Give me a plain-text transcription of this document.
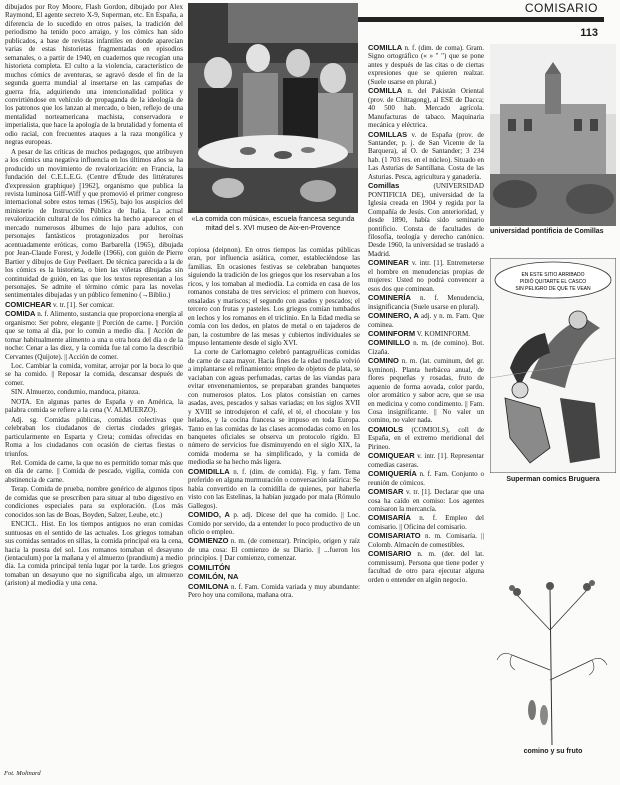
COMISARIO
113

dibujados por Roy Moore, Flash Gordon, dibujado por Alex Raymond, El agente secreto X-9, Superman, etc. En España, a diferencia de lo sucedido en otros países, la tradición del periodismo ha tenido poco arraigo, y los cómics han sido publicados, a base de revistas infantiles en donde aparecían varias de estas historietas fragmentadas en episodios semanales, o a partir de 1940, en cuadernos que recogían una historieta completa. El culto a la violencia, característico de muchos cómics de aventuras, se agravó desde el fin de la segunda guerra mundial al insertarse en las campañas de guerra fría, adquiriendo una intencionalidad política y convirtiéndose en vehículo de propaganda de la ideología de los patronos que los lanzan al mercado, o bien, reflejo de una mentalidad norteamericana machista, conservadora e imperialista, que hace la apología de la brutalidad y fomenta el odio racial, con frecuentes ataques a la raza mongólica y negras europeas.

A pesar de las críticas de muchos pedagogos, que atribuyen a los cómics una negativa influencia en los últimos años se ha producido un movimiento de revalorización: en Francia, la fundación del C.E.L.E.G. (Centre d'Étude des littératures d'expression graphique) [1962], organismo que publica la revista luminosa Giff-Wiff y que promovió el primer congreso internacional sobre estos temas (1965), bajo los auspicios del ministerio de Instrucción Pública de Italia. La actual revalorización cultural de los cómics ha hecho aparecer en el mercado numerosos álbumes de lujo para adultos, con personajes fantásticos protagonizados por heroínas acentuadamente eróticas, como Barbarella (1965), dibujada por Jean-Claude Forest, y Jodelle (1966), con guión de Pierre Bartier y dibujos de Guy Peellaert. De técnica parecida a la de los cómics es la historieta, o bien las viñetas dibujadas sin continuidad de guión, en las que los textos representan a los personajes. Se admite el término cómic para las novelas sentimentales dibujadas y un público femenino (→Biblio.)

COMICHEAR v. tr. [1]. Ser comicar.

COMIDA n. f. Alimento, sustancia que proporciona energía al organismo: Ser pobre, elegante || Porción de carne. || Porción que se toma al día, por lo común a medio día. || Acción de tomar habitualmente alimento a una u otra hora del día o de la noche: Cenar a las diez, y la comida fue tal como la describió Cervantes (Quijote). || Acción de comer.

Loc. Cambiar la comida, vomitar, arrojar por la boca lo que se ha comido. || Reposar la comida, descansar después de comer.

SIN. Almuerzo, condumio, manduca, pitanza.

NOTA. En algunas partes de España y en América, la palabra comida se refiere a la cena (V. ALMUERZO).

Adj. sg. Comidas públicas, comidas colectivas que celebraban los ciudadanos de ciertas ciudades griegas, particularmente en Esparta y Creta; comidas ofrecidas en Roma a los ciudadanos con ocasión de ciertas fiestas o triunfos.

Rel. Comida de carne, la que no es permitido tomar más que en día de carne. || Comida de pescado, vigilia, comida con abstinencia de carne.

Terap. Comida de prueba, nombre genérico de algunos tipos de comidas que se prescriben para situar al tubo digestivo en condiciones especiales para su exploración. (Los más conocidos son las de Boas, Boyden, Salzer, Leube, etc.)

ENCICL. Hist. En los tiempos antiguos no eran comidas suntuosas en el sentido de las actuales. Los griegos tomaban sus comidas sentados en sillas, la comida principal era la cena, hacia la puesta del sol. Los romanos tomaban el desayuno (ientaculum) por la mañana y el almuerzo (prandium) a medio día. La comida principal tenía lugar por la tarde. Los griegos tomaban un desayuno que no significaba algo, un almuerzo (ariston) al mediodía y una cena.

«La comida con música», escuela francesa segunda mitad del s. XVI museo de Aix-en-Provence

copiosa (deipnon). En otros tiempos las comidas públicas eran, por influencia asiática, comer, estableciéndose las familias. En ocasiones festivas se celebraban banquetes siguiendo la tradición de los griegos que los reservaban a los ricos, y los tomaban al mediodía. La comida en casa de los romanos constaba de tres servicios: el primero con huevos, ensaladas y mariscos; el segundo con asados y pescados; el tercero con frutas y pasteles. Los griegos comían tumbados en lechos y los romanos en el triclinio. En la Edad media se comía con los dedos, en platos de metal o en tajaderos de pan, la costumbre de las mesas y cubiertos individuales se impuso lentamente desde el siglo XVI.

La corte de Carlomagno celebró pantagruélicas comidas de carne de caza mayor. Hacia fines de la edad media volvió a implantarse el refinamiento: empleo de objetos de plata, se vaciaban con aguas perfumadas, cartas de las viandas para evitar envenenamientos, se preparaban grandes banquetes con numerosos platos. Los platos consistían en carnes asadas, aves, pescados y salsas variadas; en los siglos XVII y XVIII se introdujeron el café, el té, el chocolate y los helados, y la cocina francesa se impuso en toda Europa. Tanto en las comidas de las clases acomodadas como en los banquetes oficiales se observa un protocolo rígido. El número de servicios fue disminuyendo en el siglo XIX, la comida moderna se ha simplificado, y la comida de mediodía se ha hecho más ligera.

COMIDILLA n. f. (dim. de comida). Fig. y fam. Tema preferido en alguna murmuración o conversación satírica: Se había convertido en la comidilla de quienes, por haberla visto con las Estelinas, la habían juzgado por mala (Rómulo Gallegos).

COMIDO, A p. adj. Dícese del que ha comido. || Loc. Comido por servido, da a entender lo poco productivo de un oficio o empleo.

COMIENZO n. m. (de comenzar). Principio, origen y raíz de una cosa: El comienzo de su Diario. || ...fueron los principios. || Dar comienzo, comenzar.

COMILITÓN

COMILÓN, NA

COMILONA n. f. Fam. Comida variada y muy abundante: Pero hoy una comilona, mañana otra.

COMILLA n. f. (dim. de coma). Gram. Signo ortográfico (« » " ") que se pone antes y después de las citas o de ciertas expresiones que se quieren realzar. (Suele usarse en plural.)

COMILLA n. del Pakistán Oriental (prov. de Chittagong), al ESE de Dacca; 40 500 hab. Mercado agrícola. Manufacturas de tabaco. Maquinaria mecánica y eléctrica.

COMILLAS v. de España (prov. de Santander, p. j. de San Vicente de la Barquera), al O. de Santander; 3 234 hab. (1 703 res. en el núcleo). Situado en Las Asturias de Santillana. Costa de las Asturias. Pesca, agricultura y ganadería.

Comillas	(UNIVERSIDAD PONTIFICIA DE), universidad de la Iglesia creada en 1904 y regida por la Compañía de Jesús. Con anterioridad, y desde 1890, había sido seminario pontificio. Consta de facultades de filosofía, teología y derecho canónico. Desde 1960, la universidad se trasladó a Madrid.

COMINEAR v. intr. [1]. Entremeterse el hombre en menudencias propias de mujeres: Usted no podrá convencer a esos dos que cominean.

COMINERÍA n. f. Menudencia, insignificancia (Suele usarse en plural).

COMINERO, A adj. y n. m. Fam. Que cominea.

COMINFORM V. KOMINFORM.

COMINILLO n. m. (de comino). Bot. Cizaña.

COMINO n. m. (lat. cuminum, del gr. kyminon). Planta herbácea anual, de flores pequeñas y rosadas, fruto de aquenio de forma aovada, color pardo, olor aromático y sabor acre, que se usa en medicina y como condimento. || Fam. Cosa insignificante. || No valer un comino, no valer nada.

COMIOLS (COMIOLS), coll de España, en el extremo meridional del Pirineo.

COMIQUEAR v. intr. [1]. Representar comedias caseras.

COMIQUERÍA n. f. Fam. Conjunto o reunión de cómicos.

COMISAR v. tr. [1]. Declarar que una cosa ha caído en comiso: Los agentes comisaron la mercancía.

COMISARÍA n. f. Empleo del comisario. || Oficina del comisario.

COMISARIATO n. m. Comisaría. || Colomb. Almacén de comestibles.

COMISARIO n. m. (der. del lat. commissum). Persona que tiene poder y facultad de otro para ejecutar alguna orden o entender en algún negocio.

universidad pontificia de Comillas
EN ESTE SITIO ARRIBADO
PIDIÓ QUITARTE EL CASCO
SIN PELIGRO DE QUE TE VEAN
Superman comics Bruguera
comino y su fruto
Fot. Molinard
